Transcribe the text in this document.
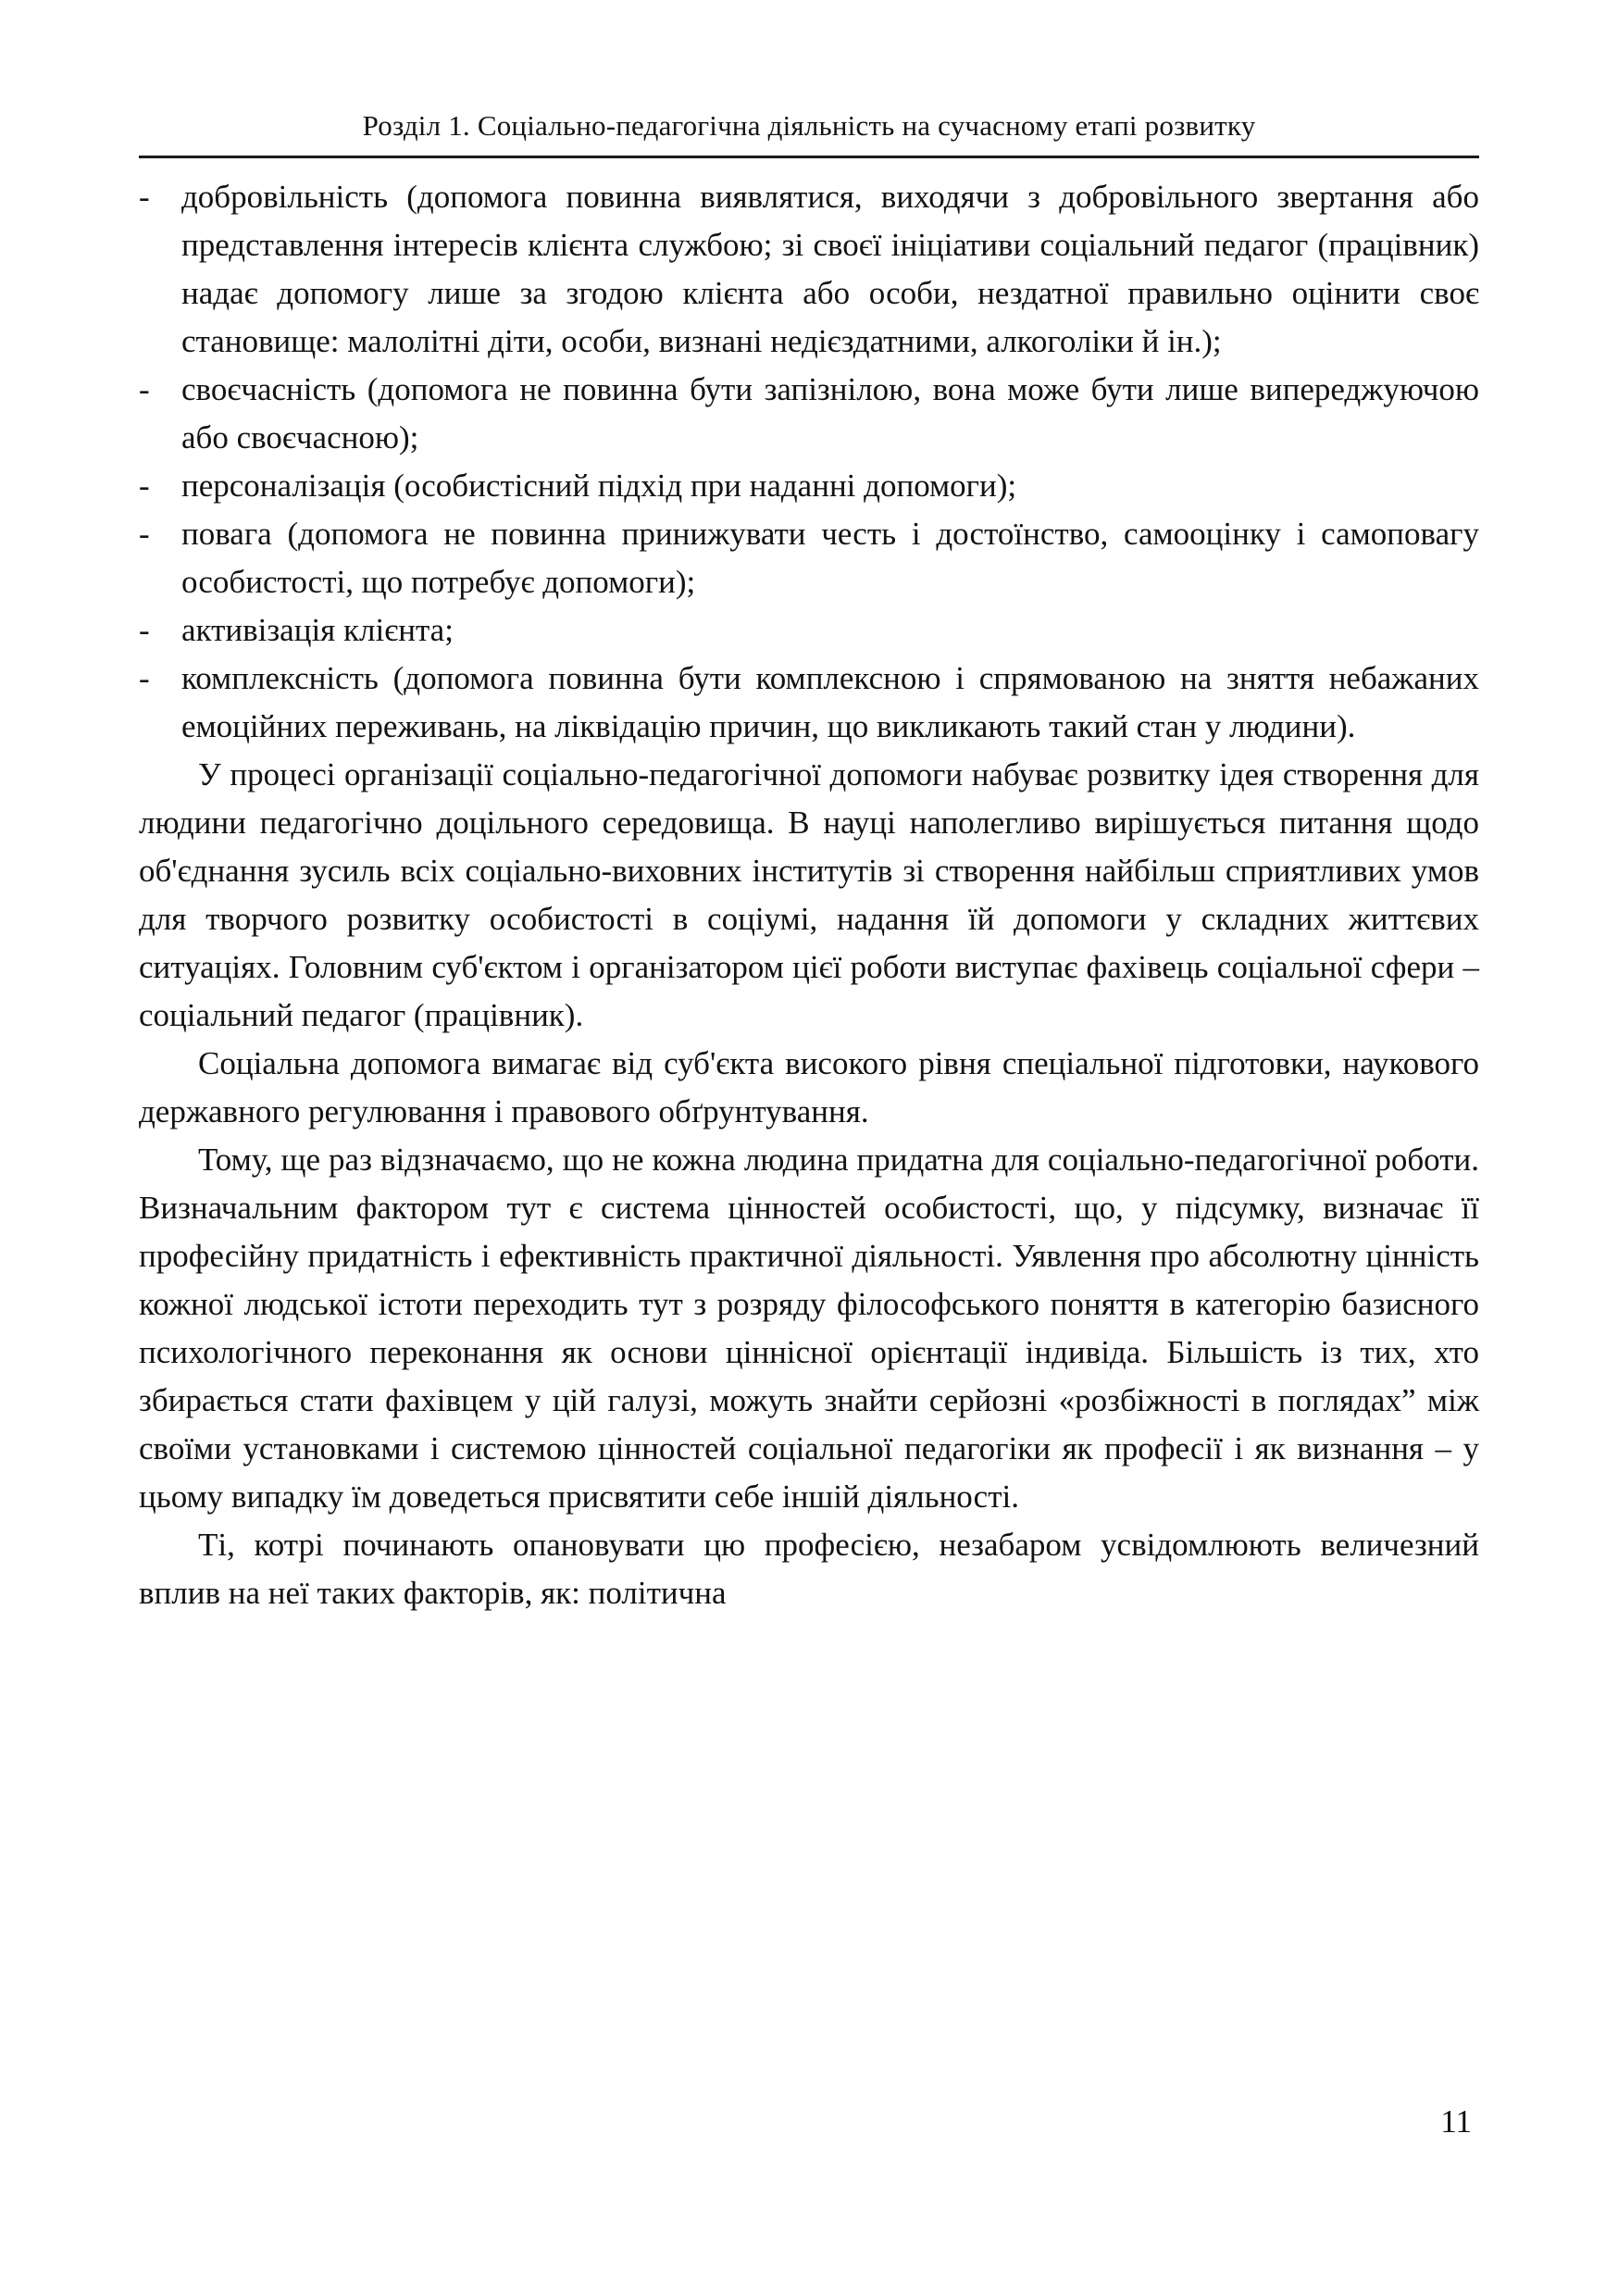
Розділ 1. Соціально-педагогічна діяльність на сучасному етапі розвитку
- добровільність (допомога повинна виявлятися, виходячи з добровільного звертання або представлення інтересів клієнта службою; зі своєї ініціативи соціальний педагог (працівник) надає допомогу лише за згодою клієнта або особи, нездатної правильно оцінити своє становище: малолітні діти, особи, визнані недієздатними, алкоголіки й ін.);
- своєчасність (допомога не повинна бути запізнілою, вона може бути лише випереджуючою або своєчасною);
- персоналізація (особистісний підхід при наданні допомоги);
- повага (допомога не повинна принижувати честь і достоїнство, самооцінку і самоповагу особистості, що потребує допомоги);
- активізація клієнта;
- комплексність (допомога повинна бути комплексною і спрямованою на зняття небажаних емоційних переживань, на ліквідацію причин, що викликають такий стан у людини).

У процесі організації соціально-педагогічної допомоги набуває розвитку ідея створення для людини педагогічно доцільного середовища. В науці наполегливо вирішується питання щодо об'єднання зусиль всіх соціально-виховних інститутів зі створення найбільш сприятливих умов для творчого розвитку особистості в соціумі, надання їй допомоги у складних життєвих ситуаціях. Головним суб'єктом і організатором цієї роботи виступає фахівець соціальної сфери – соціальний педагог (працівник).

Соціальна допомога вимагає від суб'єкта високого рівня спеціальної підготовки, наукового державного регулювання і правового обґрунтування.

Тому, ще раз відзначаємо, що не кожна людина придатна для соціально-педагогічної роботи. Визначальним фактором тут є система цінностей особистості, що, у підсумку, визначає її професійну придатність і ефективність практичної діяльності. Уявлення про абсолютну цінність кожної людської істоти переходить тут з розряду філософського поняття в категорію базисного психологічного переконання як основи ціннісної орієнтації індивіда. Більшість із тих, хто збирається стати фахівцем у цій галузі, можуть знайти серйозні «розбіжності в поглядах” між своїми установками і системою цінностей соціальної педагогіки як професії і як визнання – у цьому випадку їм доведеться присвятити себе іншій діяльності.

Ті, котрі починають опановувати цю професією, незабаром усвідомлюють величезний вплив на неї таких факторів, як: політична

11
